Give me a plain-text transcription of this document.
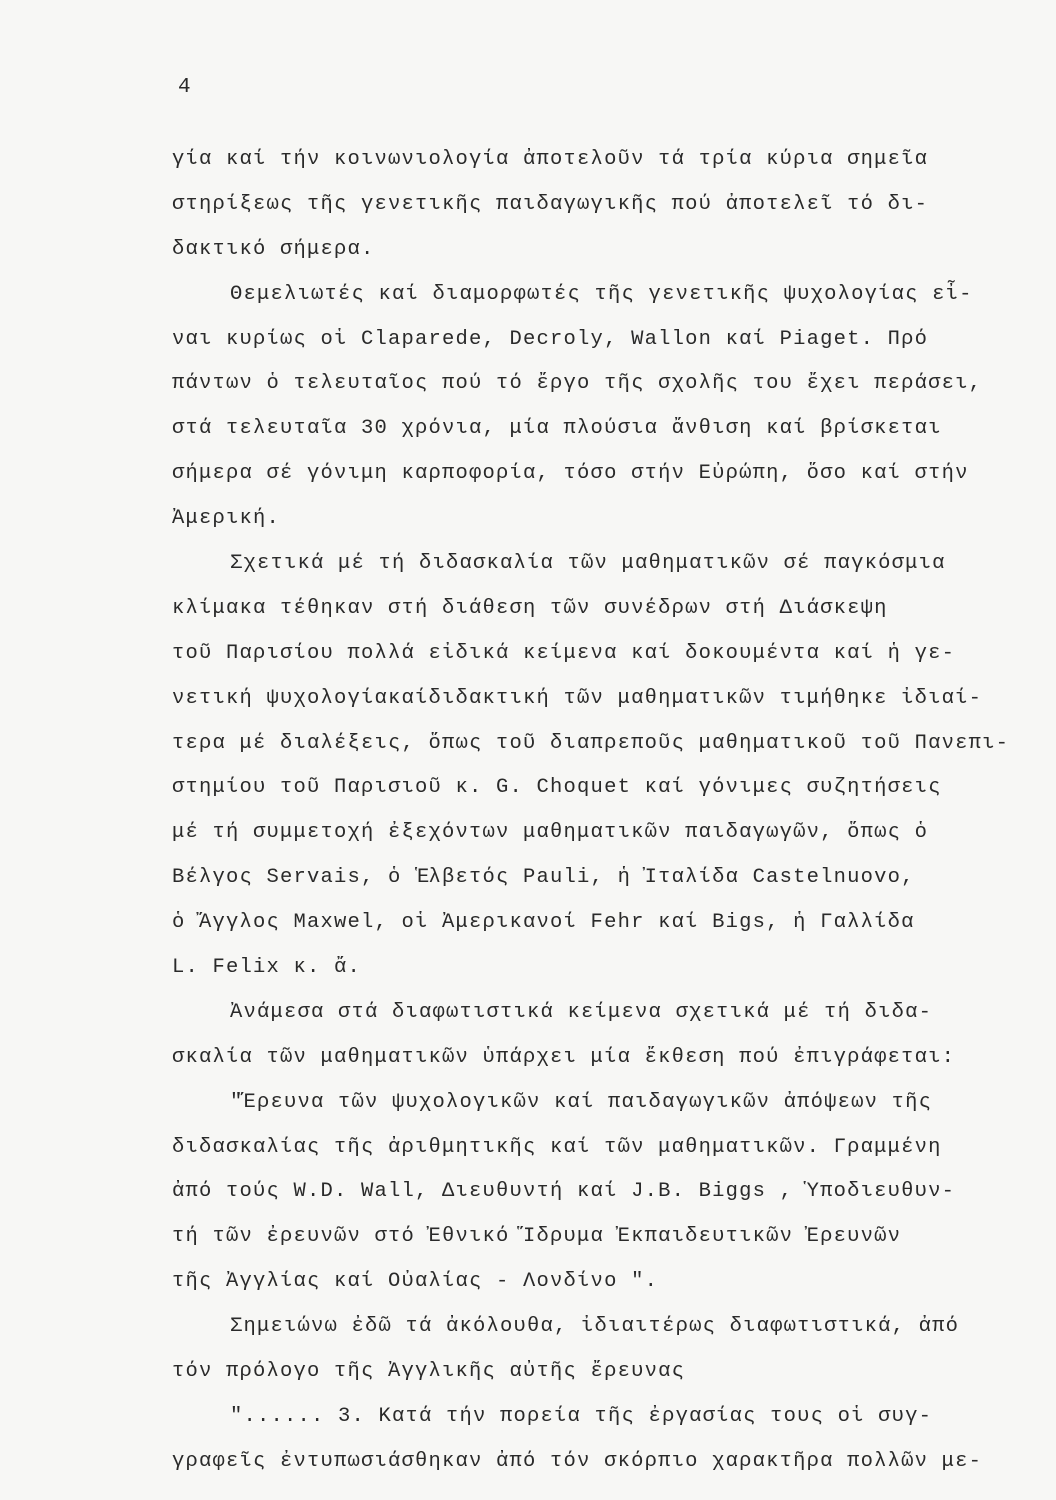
4
γία καί τήν κοινωνιολογία ἀποτελοῦν τά τρία κύρια σημεῖα
στηρίξεως τῆς γενετικῆς παιδαγωγικῆς πού ἀποτελεῖ τό δι-
δακτικό σήμερα.
Θεμελιωτές καί διαμορφωτές τῆς γενετικῆς ψυχολογίας εἶ-
ναι κυρίως οἱ Claparede, Decroly, Wallon καί Piaget. Πρό
πάντων ὁ τελευταῖος πού τό ἔργο τῆς σχολῆς του ἔχει περάσει,
στά τελευταῖα 30 χρόνια, μία πλούσια ἄνθιση καί βρίσκεται
σήμερα σέ γόνιμη καρποφορία, τόσο στήν Εὐρώπη, ὅσο καί στήν
Ἀμερική.
Σχετικά μέ τή διδασκαλία τῶν μαθηματικῶν σέ παγκόσμια
κλίμακα τέθηκαν στή διάθεση τῶν συνέδρων στή Διάσκεψη
τοῦ Παρισίου πολλά εἰδικά κείμενα καί δοκουμέντα καί ἡ γε-
νετική ψυχολογίακαίδιδακτική τῶν μαθηματικῶν τιμήθηκε ἰδιαί-
τερα μέ διαλέξεις, ὅπως τοῦ διαπρεποῦς μαθηματικοῦ τοῦ Πανεπι-
στημίου τοῦ Παρισιοῦ κ. G. Choquet καί γόνιμες συζητήσεις
μέ τή συμμετοχή ἐξεχόντων μαθηματικῶν παιδαγωγῶν, ὅπως ὁ
Βέλγος Servais, ὁ Ἑλβετός Pauli, ἡ Ἰταλίδα Castelnuovo,
ὁ Ἄγγλος Maxwel, οἱ Ἀμερικανοί Fehr καί Bigs, ἡ Γαλλίδα
L. Felix κ. ἄ.
Ἀνάμεσα στά διαφωτιστικά κείμενα σχετικά μέ τή διδα-
σκαλία τῶν μαθηματικῶν ὑπάρχει μία ἔκθεση πού ἐπιγράφεται:
"Ἔρευνα τῶν ψυχολογικῶν καί παιδαγωγικῶν ἀπόψεων τῆς
διδασκαλίας τῆς ἀριθμητικῆς καί τῶν μαθηματικῶν. Γραμμένη
ἀπό τούς W.D. Wall, Διευθυντή καί J.B. Biggs , Ὑποδιευθυν-
τή τῶν ἐρευνῶν στό Ἐθνικό Ἵδρυμα Ἐκπαιδευτικῶν Ἐρευνῶν
τῆς Ἀγγλίας καί Οὐαλίας - Λονδίνο ".
Σημειώνω ἐδῶ τά ἀκόλουθα, ἰδιαιτέρως διαφωτιστικά, ἀπό
τόν πρόλογο τῆς Ἀγγλικῆς αὐτῆς ἔρευνας
"...... 3. Κατά τήν πορεία τῆς ἐργασίας τους οἱ συγ-
γραφεῖς ἐντυπωσιάσθηκαν ἀπό τόν σκόρπιο χαρακτῆρα πολλῶν με-
